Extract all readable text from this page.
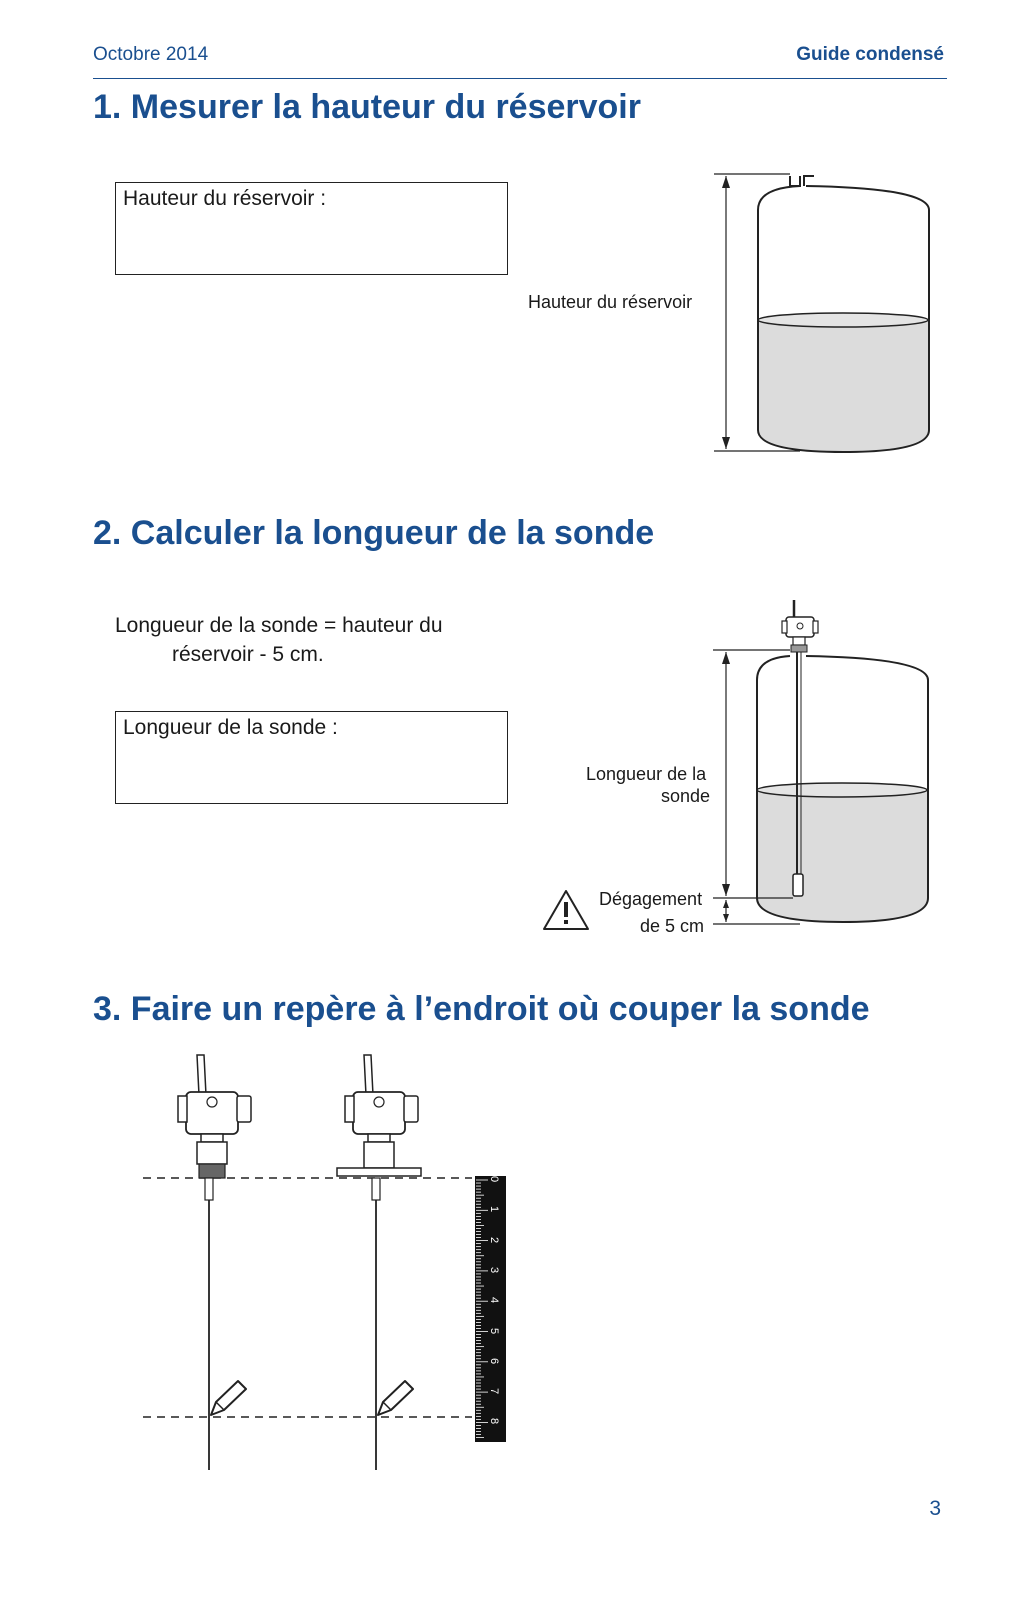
Octobre 2014	Guide condensé
1. Mesurer la hauteur du réservoir
Hauteur du réservoir :
Hauteur du réservoir
2. Calculer la longueur de la sonde
Longueur de la sonde = hauteur du
réservoir - 5 cm.
Longueur de la sonde :
Longueur de la
sonde
Dégagement
de 5 cm
3. Faire un repère à l’endroit où couper la sonde
0
1
2
3
4
5
6
7
8
3
